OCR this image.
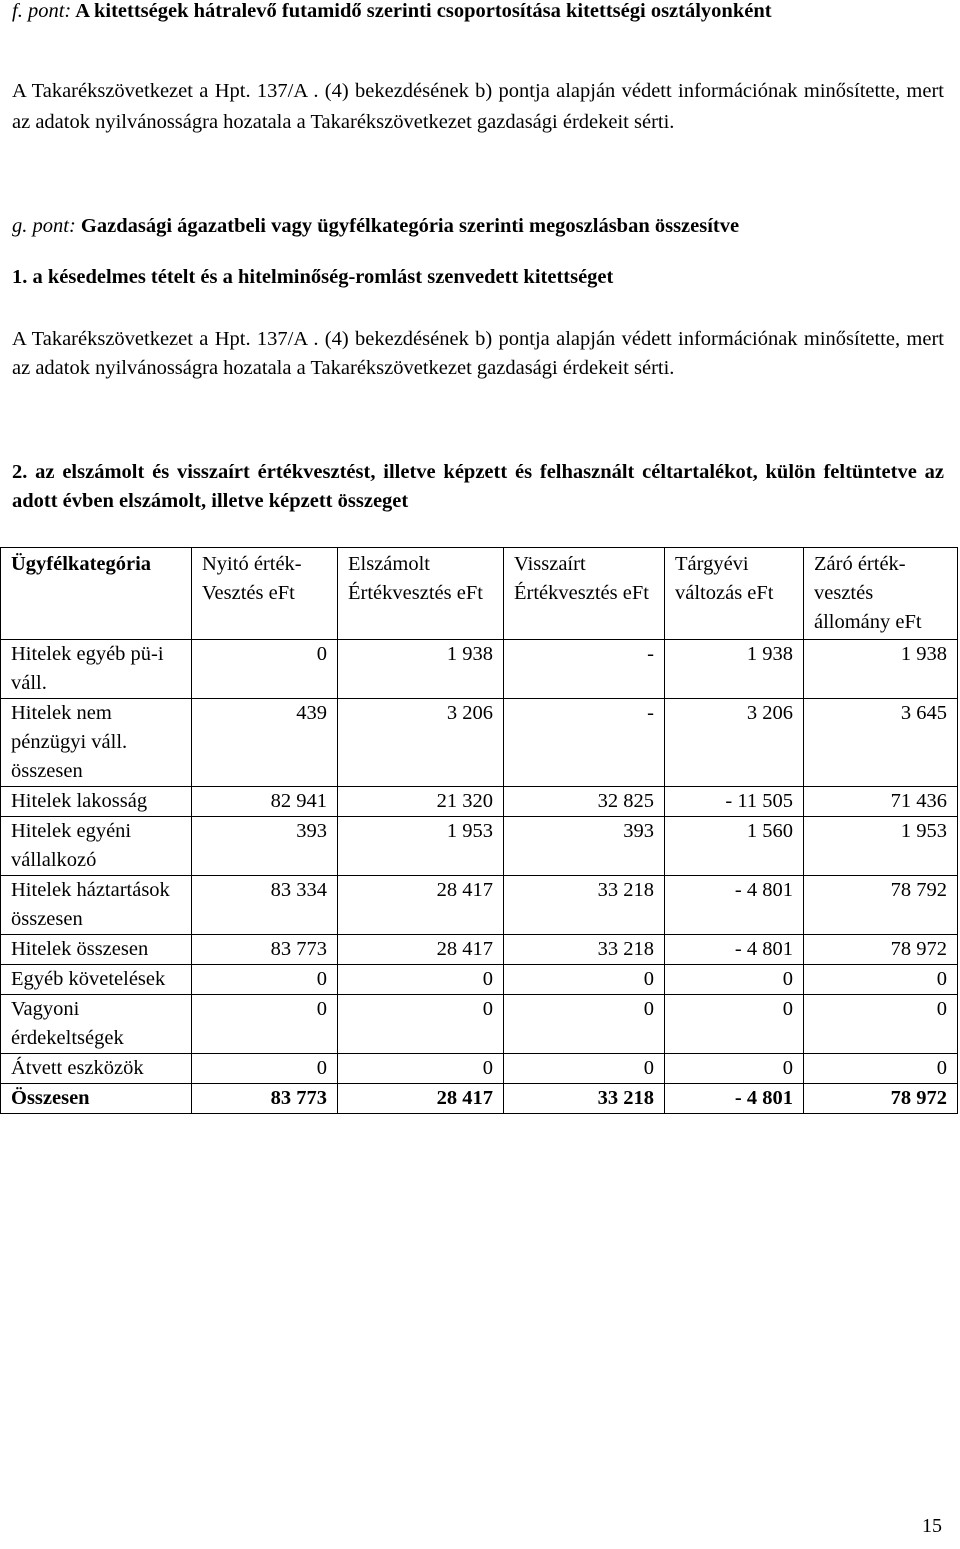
f. pont: A kitettségek hátralevő futamidő szerinti csoportosítása kitettségi osztályonként

A Takarékszövetkezet a Hpt. 137/A . (4) bekezdésének b) pontja alapján védett információnak minősítette, mert az adatok nyilvánosságra hozatala a Takarékszövetkezet gazdasági érdekeit sérti.

g. pont: Gazdasági ágazatbeli vagy ügyfélkategória szerinti megoszlásban összesítve

1. a késedelmes tételt és a hitelminőség-romlást szenvedett kitettséget

A Takarékszövetkezet a Hpt. 137/A . (4) bekezdésének b) pontja alapján védett információnak minősítette, mert az adatok nyilvánosságra hozatala a Takarékszövetkezet gazdasági érdekeit sérti.

2. az elszámolt és visszaírt értékvesztést, illetve képzett és felhasznált céltartalékot, külön feltüntetve az adott évben elszámolt, illetve képzett összeget

Ügyfélkategória	Nyitó érték- Vesztés eFt	Elszámolt Értékvesztés eFt	Visszaírt Értékvesztés eFt	Tárgyévi változás eFt	Záró érték- vesztés állomány eFt
Hitelek egyéb pü-i váll.	0	1 938	-	1 938	1 938
Hitelek nem pénzügyi váll. összesen	439	3 206	-	3 206	3 645
Hitelek lakosság	82 941	21 320	32 825	- 11 505	71 436
Hitelek egyéni vállalkozó	393	1 953	393	1 560	1 953
Hitelek háztartások összesen	83 334	28 417	33 218	- 4 801	78 792
Hitelek összesen	83 773	28 417	33 218	- 4 801	78 972
Egyéb követelések	0	0	0	0	0
Vagyoni érdekeltségek	0	0	0	0	0
Átvett eszközök	0	0	0	0	0
Összesen	83 773	28 417	33 218	- 4 801	78 972
15
